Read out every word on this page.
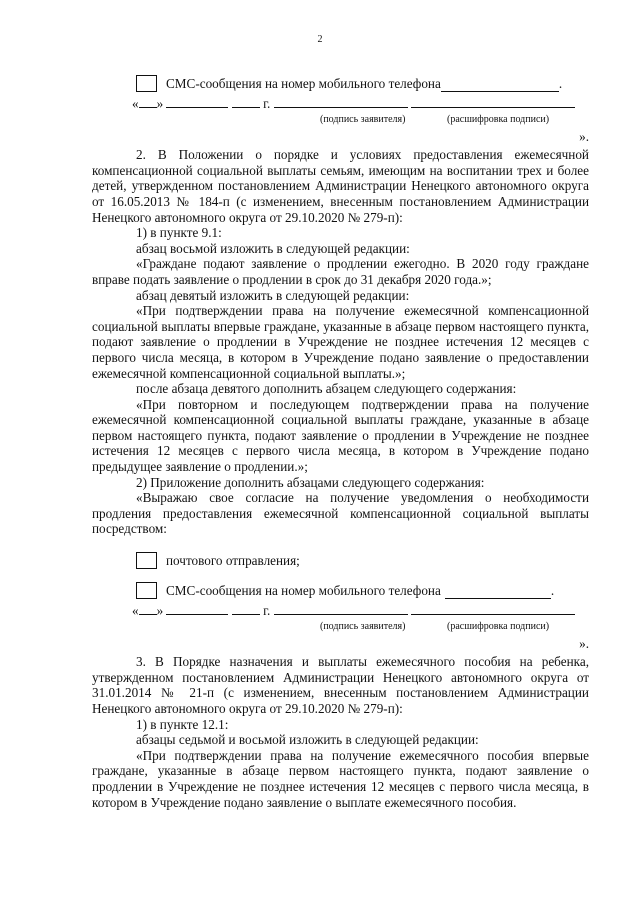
2
СМС-сообщения на номер мобильного телефона	.
« »	г.
(подпись заявителя)	(расшифровка подписи)
».

2. В Положении о порядке и условиях предоставления ежемесячной компенсационной социальной выплаты семьям, имеющим на воспитании трех и более детей, утвержденном постановлением Администрации Ненецкого автономного округа от 16.05.2013 № 184-п (с изменением, внесенным постановлением Администрации Ненецкого автономного округа от 29.10.2020 № 279-п):

1) в пункте 9.1:

абзац восьмой изложить в следующей редакции:

«Граждане подают заявление о продлении ежегодно. В 2020 году граждане вправе подать заявление о продлении в срок до 31 декабря 2020 года.»;

абзац девятый изложить в следующей редакции:

«При подтверждении права на получение ежемесячной компенсационной социальной выплаты впервые граждане, указанные в абзаце первом настоящего пункта, подают заявление о продлении в Учреждение не позднее истечения 12 месяцев с первого числа месяца, в котором в Учреждение подано заявление о предоставлении ежемесячной компенсационной социальной выплаты.»;

после абзаца девятого дополнить абзацем следующего содержания:

«При повторном и последующем подтверждении права на получение ежемесячной компенсационной социальной выплаты граждане, указанные в абзаце первом настоящего пункта, подают заявление о продлении в Учреждение не позднее истечения 12 месяцев с первого числа месяца, в котором в Учреждение подано предыдущее заявление о продлении.»;

2) Приложение дополнить абзацами следующего содержания:

«Выражаю свое согласие на получение уведомления о необходимости продления предоставления ежемесячной компенсационной социальной выплаты посредством:

почтового отправления;
СМС-сообщения на номер мобильного телефона	.
« »	г.
(подпись заявителя)	(расшифровка подписи)
».

3. В Порядке назначения и выплаты ежемесячного пособия на ребенка, утвержденном постановлением Администрации Ненецкого автономного округа от 31.01.2014 № 21-п (с изменением, внесенным постановлением Администрации Ненецкого автономного округа от 29.10.2020 № 279-п):

1) в пункте 12.1:

абзацы седьмой и восьмой изложить в следующей редакции:

«При подтверждении права на получение ежемесячного пособия впервые граждане, указанные в абзаце первом настоящего пункта, подают заявление о продлении в Учреждение не позднее истечения 12 месяцев с первого числа месяца, в котором в Учреждение подано заявление о выплате ежемесячного пособия.
